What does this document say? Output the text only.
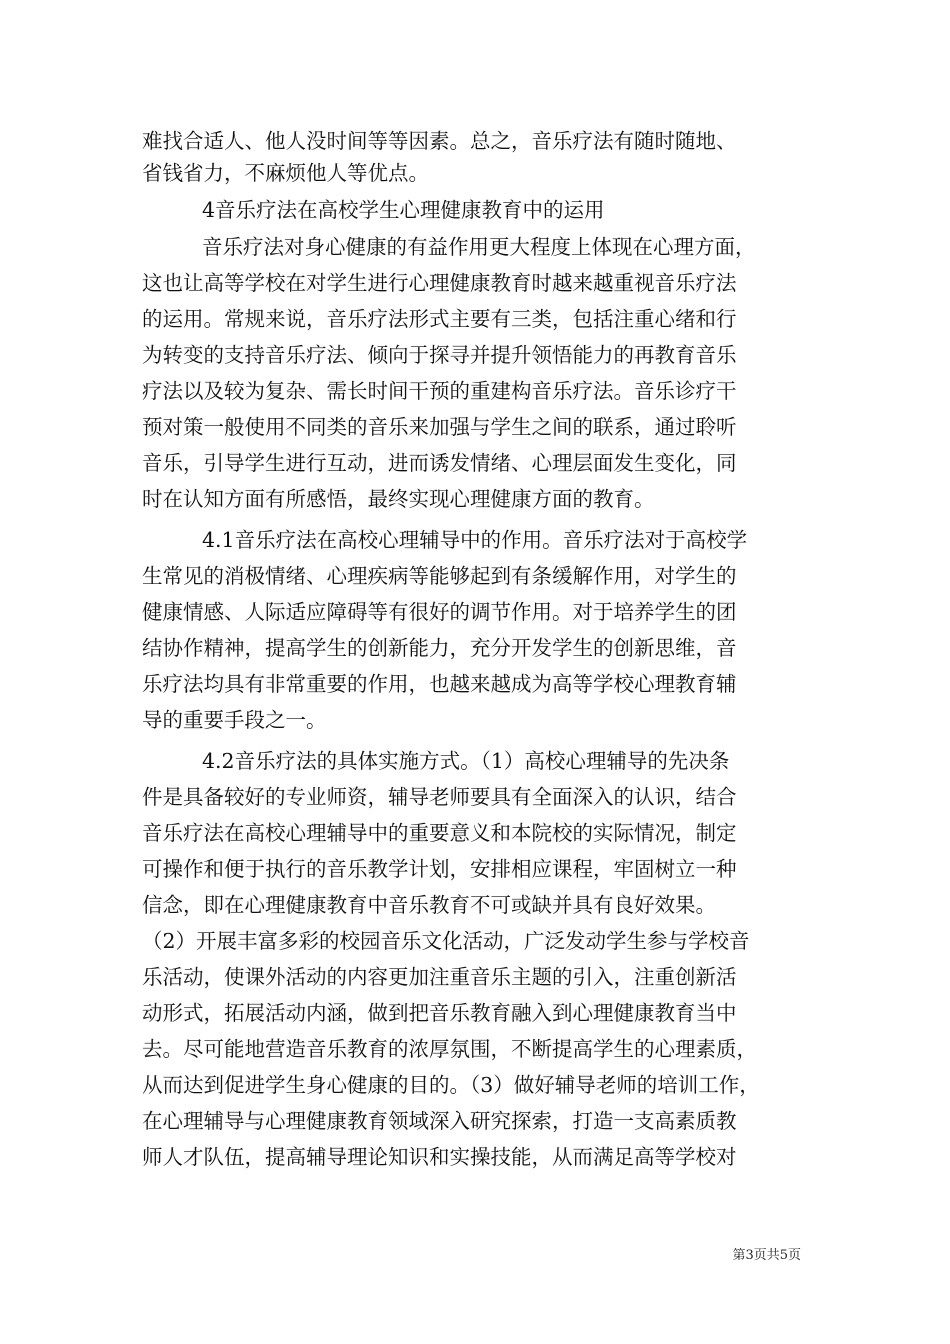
难找合适人、他人没时间等等因素。总之，音乐疗法有随时随地、
省钱省力，不麻烦他人等优点。
4音乐疗法在高校学生心理健康教育中的运用
音乐疗法对身心健康的有益作用更大程度上体现在心理方面，
这也让高等学校在对学生进行心理健康教育时越来越重视音乐疗法
的运用。常规来说，音乐疗法形式主要有三类，包括注重心绪和行
为转变的支持音乐疗法、倾向于探寻并提升领悟能力的再教育音乐
疗法以及较为复杂、需长时间干预的重建构音乐疗法。音乐诊疗干
预对策一般使用不同类的音乐来加强与学生之间的联系，通过聆听
音乐，引导学生进行互动，进而诱发情绪、心理层面发生变化，同
时在认知方面有所感悟，最终实现心理健康方面的教育。
4.1音乐疗法在高校心理辅导中的作用。音乐疗法对于高校学
生常见的消极情绪、心理疾病等能够起到有条缓解作用，对学生的
健康情感、人际适应障碍等有很好的调节作用。对于培养学生的团
结协作精神，提高学生的创新能力，充分开发学生的创新思维，音
乐疗法均具有非常重要的作用，也越来越成为高等学校心理教育辅
导的重要手段之一。
4.2音乐疗法的具体实施方式。（1）高校心理辅导的先决条
件是具备较好的专业师资，辅导老师要具有全面深入的认识，结合
音乐疗法在高校心理辅导中的重要意义和本院校的实际情况，制定
可操作和便于执行的音乐教学计划，安排相应课程，牢固树立一种
信念，即在心理健康教育中音乐教育不可或缺并具有良好效果。
（2）开展丰富多彩的校园音乐文化活动，广泛发动学生参与学校音
乐活动，使课外活动的内容更加注重音乐主题的引入，注重创新活
动形式，拓展活动内涵，做到把音乐教育融入到心理健康教育当中
去。尽可能地营造音乐教育的浓厚氛围，不断提高学生的心理素质，
从而达到促进学生身心健康的目的。（3）做好辅导老师的培训工作，
在心理辅导与心理健康教育领域深入研究探索，打造一支高素质教
师人才队伍，提高辅导理论知识和实操技能，从而满足高等学校对
第3页共5页
